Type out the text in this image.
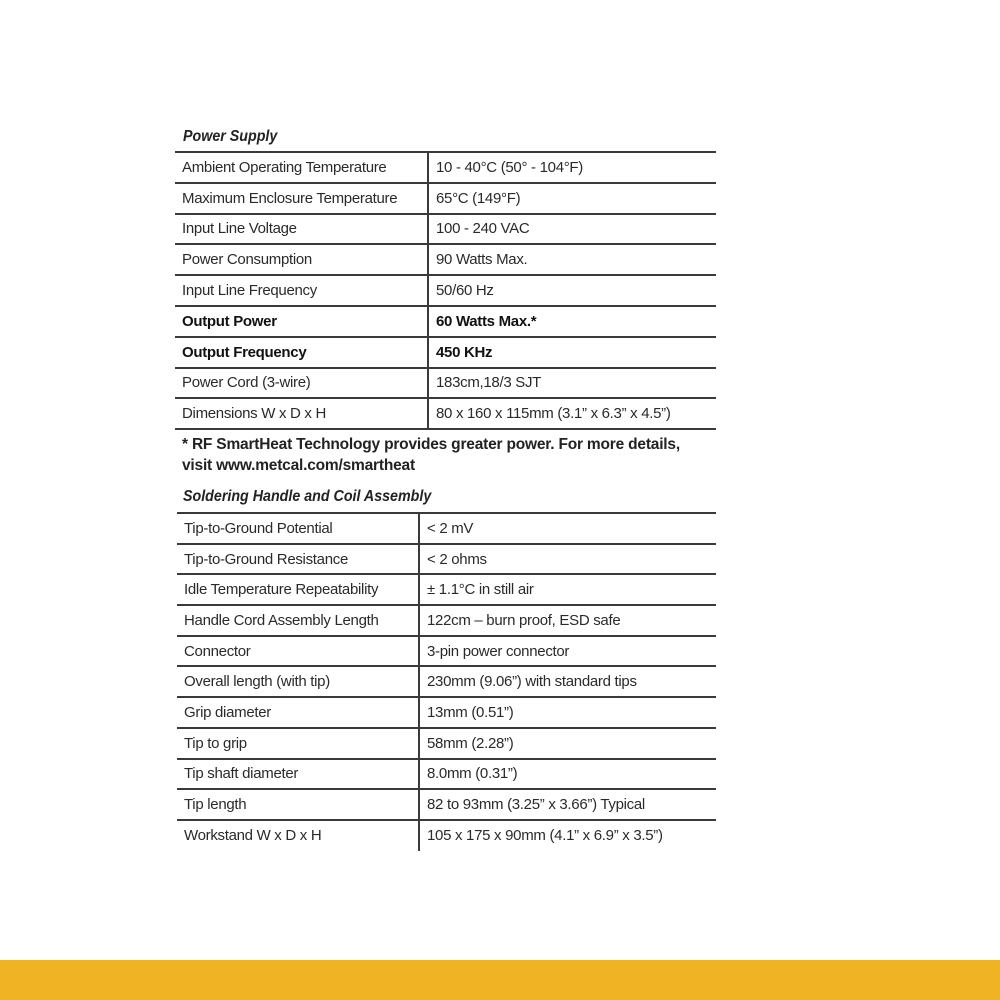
Power Supply
Ambient Operating Temperature	10 - 40°C (50° - 104°F)
Maximum Enclosure Temperature	65°C (149°F)
Input Line Voltage	100 - 240 VAC
Power Consumption	90 Watts Max.
Input Line Frequency	50/60 Hz
Output Power	60 Watts Max.*
Output Frequency	450 KHz
Power Cord (3-wire)	183cm,18/3 SJT
Dimensions W x D x H	80 x 160 x 115mm (3.1” x 6.3” x 4.5”)
* RF SmartHeat Technology provides greater power. For more details,
visit www.metcal.com/smartheat
Soldering Handle and Coil Assembly
Tip-to-Ground Potential	< 2 mV
Tip-to-Ground Resistance	< 2 ohms
Idle Temperature Repeatability	± 1.1°C in still air
Handle Cord Assembly Length	122cm – burn proof, ESD safe
Connector	3-pin power connector
Overall length (with tip)	230mm (9.06”) with standard tips
Grip diameter	13mm (0.51”)
Tip to grip	58mm (2.28”)
Tip shaft diameter	8.0mm (0.31”)
Tip length	82 to 93mm (3.25” x 3.66”) Typical
Workstand W x D x H	105 x 175 x 90mm (4.1” x 6.9” x 3.5”)
